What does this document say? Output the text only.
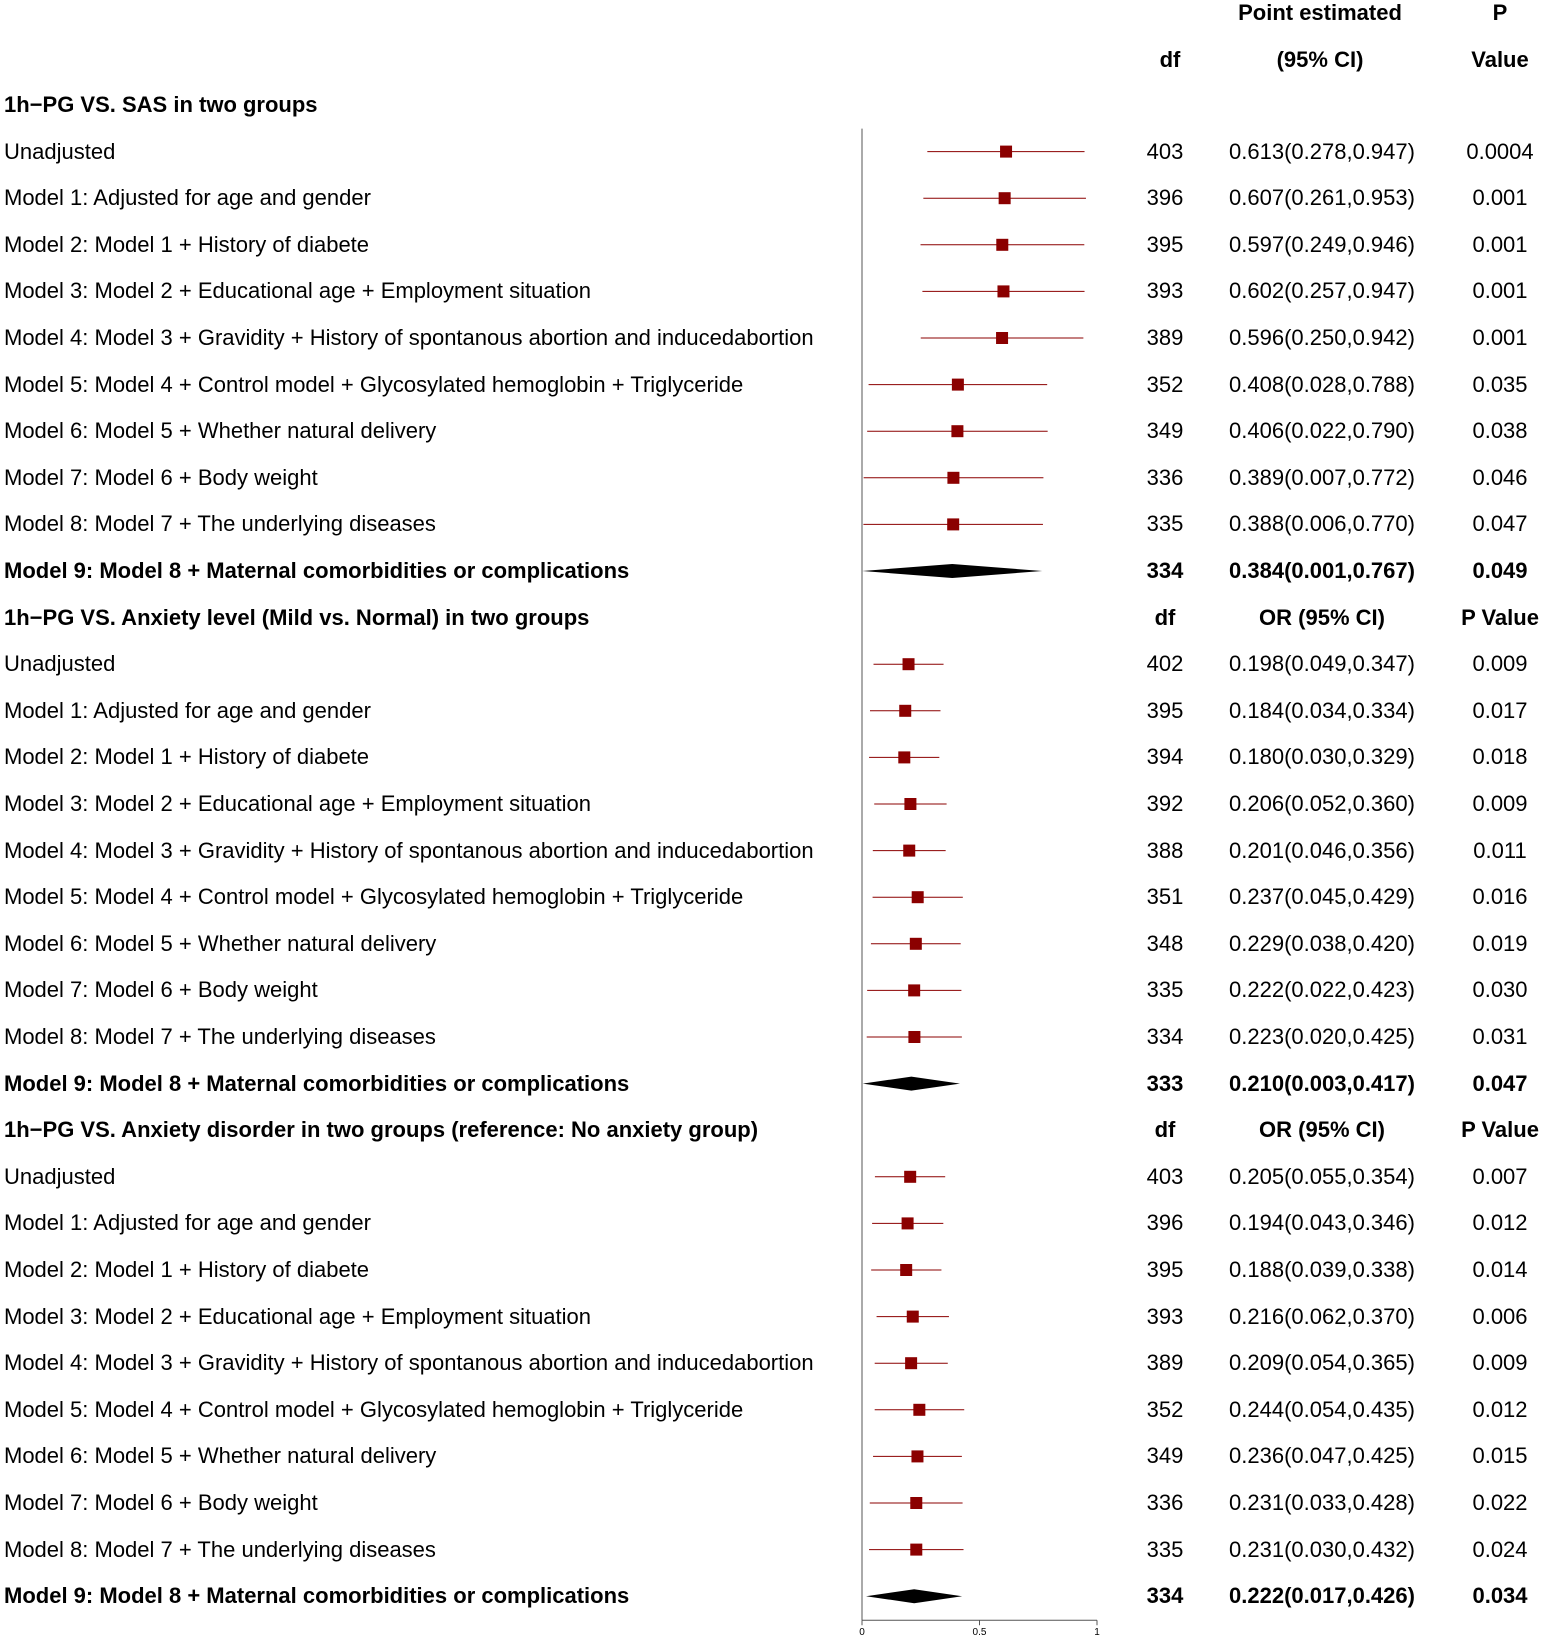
Point estimated	P
df	(95% CI)	Value
1h−PG VS. SAS in two groups
Unadjusted	403	0.613(0.278,0.947)	0.0004
Model 1: Adjusted for age and gender	396	0.607(0.261,0.953)	0.001
Model 2: Model 1 + History of diabete	395	0.597(0.249,0.946)	0.001
Model 3: Model 2 + Educational age + Employment situation	393	0.602(0.257,0.947)	0.001
Model 4: Model 3 + Gravidity + History of spontanous abortion and inducedabortion	389	0.596(0.250,0.942)	0.001
Model 5: Model 4 + Control model + Glycosylated hemoglobin + Triglyceride	352	0.408(0.028,0.788)	0.035
Model 6: Model 5 + Whether natural delivery	349	0.406(0.022,0.790)	0.038
Model 7: Model 6 + Body weight	336	0.389(0.007,0.772)	0.046
Model 8: Model 7 + The underlying diseases	335	0.388(0.006,0.770)	0.047
Model 9: Model 8 + Maternal comorbidities or complications	334	0.384(0.001,0.767)	0.049
1h−PG VS. Anxiety level (Mild vs. Normal) in two groups	df	OR (95% CI)	P Value
Unadjusted	402	0.198(0.049,0.347)	0.009
Model 1: Adjusted for age and gender	395	0.184(0.034,0.334)	0.017
Model 2: Model 1 + History of diabete	394	0.180(0.030,0.329)	0.018
Model 3: Model 2 + Educational age + Employment situation	392	0.206(0.052,0.360)	0.009
Model 4: Model 3 + Gravidity + History of spontanous abortion and inducedabortion	388	0.201(0.046,0.356)	0.011
Model 5: Model 4 + Control model + Glycosylated hemoglobin + Triglyceride	351	0.237(0.045,0.429)	0.016
Model 6: Model 5 + Whether natural delivery	348	0.229(0.038,0.420)	0.019
Model 7: Model 6 + Body weight	335	0.222(0.022,0.423)	0.030
Model 8: Model 7 + The underlying diseases	334	0.223(0.020,0.425)	0.031
Model 9: Model 8 + Maternal comorbidities or complications	333	0.210(0.003,0.417)	0.047
1h−PG VS. Anxiety disorder in two groups (reference: No anxiety group)	df	OR (95% CI)	P Value
Unadjusted	403	0.205(0.055,0.354)	0.007
Model 1: Adjusted for age and gender	396	0.194(0.043,0.346)	0.012
Model 2: Model 1 + History of diabete	395	0.188(0.039,0.338)	0.014
Model 3: Model 2 + Educational age + Employment situation	393	0.216(0.062,0.370)	0.006
Model 4: Model 3 + Gravidity + History of spontanous abortion and inducedabortion	389	0.209(0.054,0.365)	0.009
Model 5: Model 4 + Control model + Glycosylated hemoglobin + Triglyceride	352	0.244(0.054,0.435)	0.012
Model 6: Model 5 + Whether natural delivery	349	0.236(0.047,0.425)	0.015
Model 7: Model 6 + Body weight	336	0.231(0.033,0.428)	0.022
Model 8: Model 7 + The underlying diseases	335	0.231(0.030,0.432)	0.024
Model 9: Model 8 + Maternal comorbidities or complications	334	0.222(0.017,0.426)	0.034
0	0.5	1
